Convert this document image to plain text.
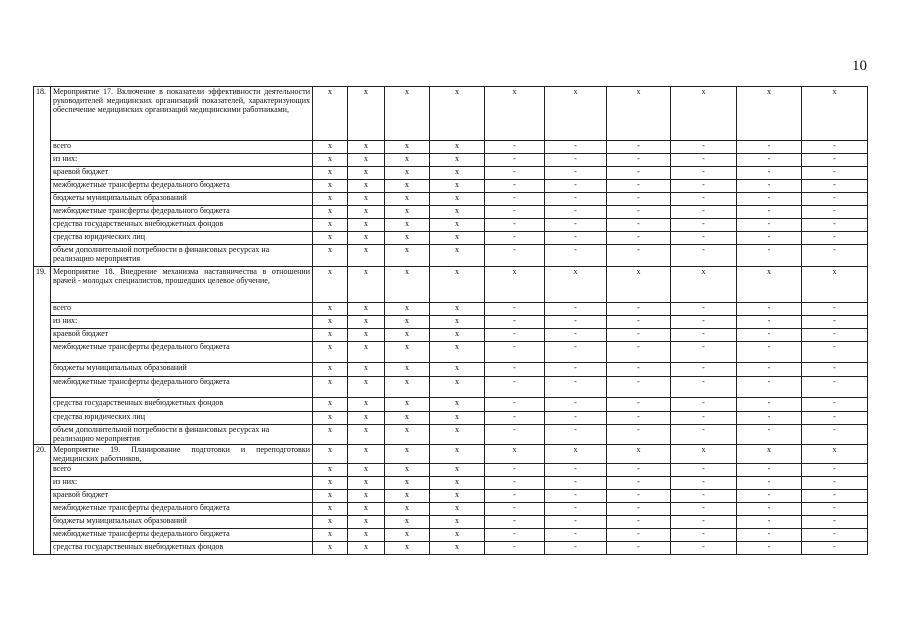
10
18.	Мероприятие 17. Включение в показатели эффективности деятельности руководителей медицинских организаций показателей, характеризующих обеспечение медицинских организаций медицинскими работниками,	x	x	x	x	x	x	x	x	x	x
	всего	x	x	x	x	-	-	-	-	-	-
	из них:	x	x	x	x	-	-	-	-	-	-
	краевой бюджет	x	x	x	x	-	-	-	-	-	-
	межбюджетные трансферты федерального бюджета	x	x	x	x	-	-	-	-	-	-
	бюджеты муниципальных образований	x	x	x	x	-	-	-	-	-	-
	межбюджетные трансферты федерального бюджета	x	x	x	x	-	-	-	-	-	-
	средства государственных внебюджетных фондов	x	x	x	x	-	-	-	-	-	-
	средства юридических лиц	x	x	x	x	-	-	-	-	-	-
	объем дополнительной потребности в финансовых ресурсах на реализацию мероприятия	x	x	x	x	-	-	-	-	-	-
19.	Мероприятие 18. Внедрение механизма наставничества в отношении врачей - молодых специалистов, прошедших целевое обучение,	x	x	x	x	x	x	x	x	x	x
	всего	x	x	x	x	-	-	-	-	-	-
	из них:	x	x	x	x	-	-	-	-	-	-
	краевой бюджет	x	x	x	x	-	-	-	-	-	-
	межбюджетные трансферты федерального бюджета	x	x	x	x	-	-	-	-	-	-
	бюджеты муниципальных образований	x	x	x	x	-	-	-	-	-	-
	межбюджетные трансферты федерального бюджета	x	x	x	x	-	-	-	-	-	-
	средства государственных внебюджетных фондов	x	x	x	x	-	-	-	-	-	-
	средства юридических лиц	x	x	x	x	-	-	-	-	-	-
	объем дополнительной потребности в финансовых ресурсах на реализацию мероприятия	x	x	x	x	-	-	-	-	-	-
20.	Мероприятие 19. Планирование подготовки и переподготовки медицинских работников,	x	x	x	x	x	x	x	x	x	x
	всего	x	x	x	x	-	-	-	-	-	-
	из них:	x	x	x	x	-	-	-	-	-	-
	краевой бюджет	x	x	x	x	-	-	-	-	-	-
	межбюджетные трансферты федерального бюджета	x	x	x	x	-	-	-	-	-	-
	бюджеты муниципальных образований	x	x	x	x	-	-	-	-	-	-
	межбюджетные трансферты федерального бюджета	x	x	x	x	-	-	-	-	-	-
	средства государственных внебюджетных фондов	x	x	x	x	-	-	-	-	-	-
